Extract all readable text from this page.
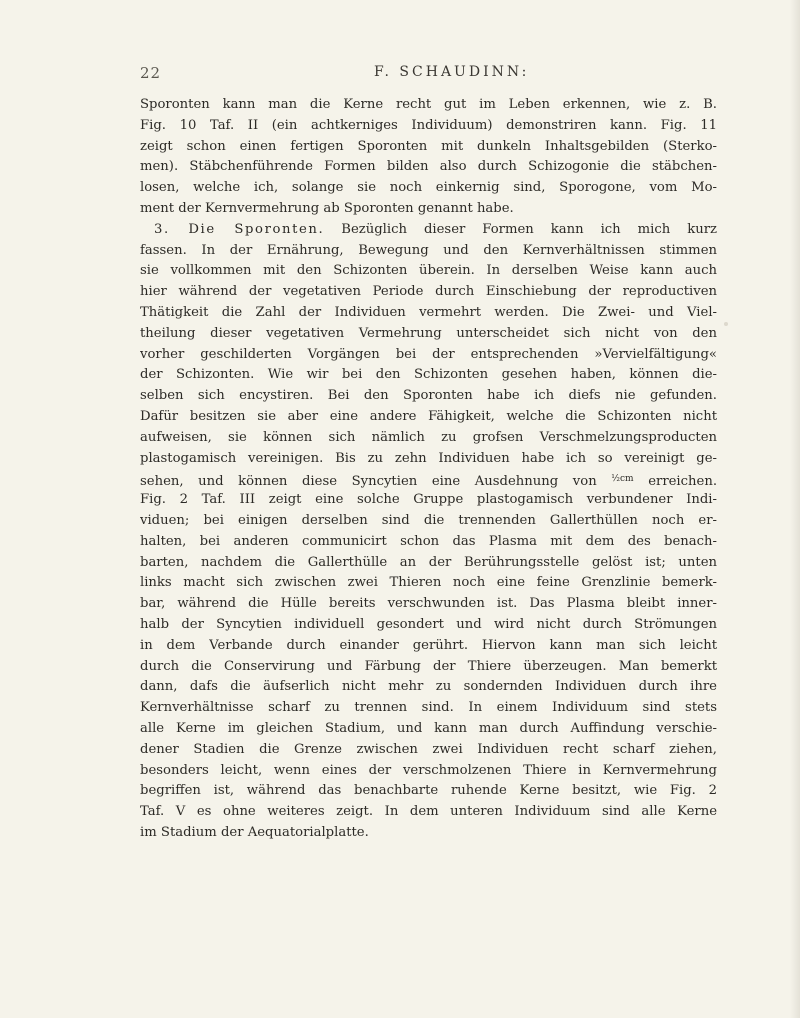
22	F. SCHAUDINN:
Sporonten kann man die Kerne recht gut im Leben erkennen, wie z. B.
Fig. 10 Taf. II (ein achtkerniges Individuum) demonstriren kann. Fig. 11
zeigt schon einen fertigen Sporonten mit dunkeln Inhaltsgebilden (Sterko-
men). Stäbchenführende Formen bilden also durch Schizogonie die stäbchen-
losen, welche ich, solange sie noch einkernig sind, Sporogone, vom Mo-
ment der Kernvermehrung ab Sporonten genannt habe.
3. Die Sporonten. Bezüglich dieser Formen kann ich mich kurz
fassen. In der Ernährung, Bewegung und den Kernverhältnissen stimmen
sie vollkommen mit den Schizonten überein. In derselben Weise kann auch
hier während der vegetativen Periode durch Einschiebung der reproductiven
Thätigkeit die Zahl der Individuen vermehrt werden. Die Zwei- und Viel-
theilung dieser vegetativen Vermehrung unterscheidet sich nicht von den
vorher geschilderten Vorgängen bei der entsprechenden »Vervielfältigung«
der Schizonten. Wie wir bei den Schizonten gesehen haben, können die-
selben sich encystiren. Bei den Sporonten habe ich diefs nie gefunden.
Dafür besitzen sie aber eine andere Fähigkeit, welche die Schizonten nicht
aufweisen, sie können sich nämlich zu grofsen Verschmelzungsproducten
plastogamisch vereinigen. Bis zu zehn Individuen habe ich so vereinigt ge-
sehen, und können diese Syncytien eine Ausdehnung von $^{\frac{1}{2}cm}$ erreichen.
Fig. 2 Taf. III zeigt eine solche Gruppe plastogamisch verbundener Indi-
viduen; bei einigen derselben sind die trennenden Gallerthüllen noch er-
halten, bei anderen communicirt schon das Plasma mit dem des benach-
barten, nachdem die Gallerthülle an der Berührungsstelle gelöst ist; unten
links macht sich zwischen zwei Thieren noch eine feine Grenzlinie bemerk-
bar, während die Hülle bereits verschwunden ist. Das Plasma bleibt inner-
halb der Syncytien individuell gesondert und wird nicht durch Strömungen
in dem Verbande durch einander gerührt. Hiervon kann man sich leicht
durch die Conservirung und Färbung der Thiere überzeugen. Man bemerkt
dann, dafs die äufserlich nicht mehr zu sondernden Individuen durch ihre
Kernverhältnisse scharf zu trennen sind. In einem Individuum sind stets
alle Kerne im gleichen Stadium, und kann man durch Auffindung verschie-
dener Stadien die Grenze zwischen zwei Individuen recht scharf ziehen,
besonders leicht, wenn eines der verschmolzenen Thiere in Kernvermehrung
begriffen ist, während das benachbarte ruhende Kerne besitzt, wie Fig. 2
Taf. V es ohne weiteres zeigt. In dem unteren Individuum sind alle Kerne
im Stadium der Aequatorialplatte.
